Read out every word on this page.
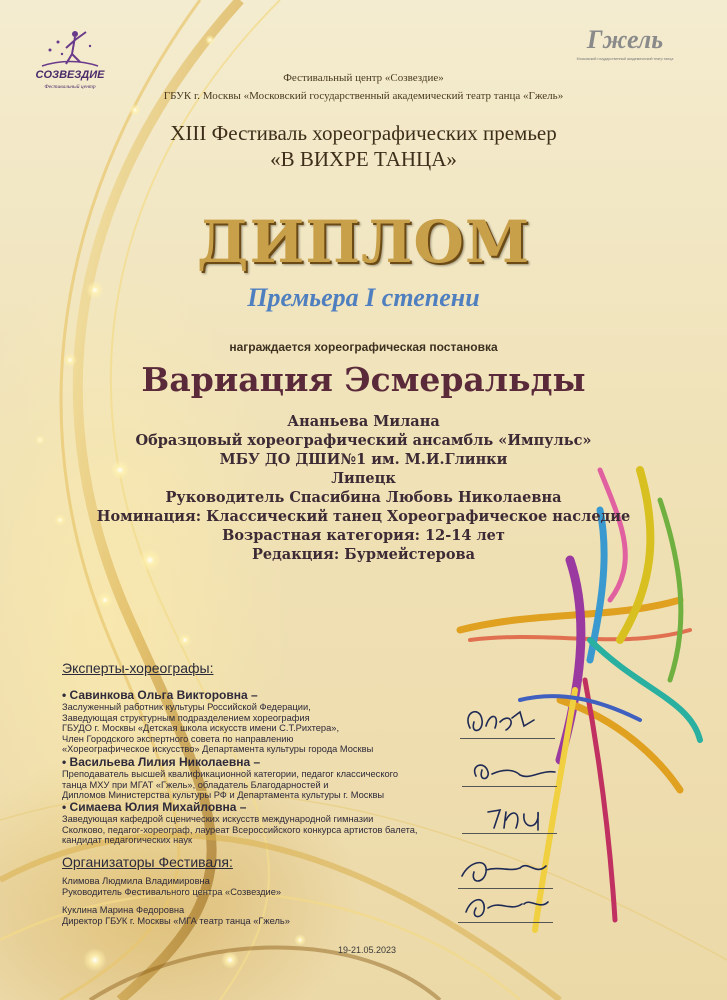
СОЗВЕЗДИЕ
Фестивальный центр
Гжель
Московский государственный академический театр танца
Фестивальный центр «Созвездие»
ГБУК г. Москвы «Московский государственный академический театр танца «Гжель»
XIII Фестиваль хореографических премьер
«В ВИХРЕ ТАНЦА»
ДИПЛОМ
Премьера I степени
награждается хореографическая постановка
Вариация Эсмеральды
Ананьева Милана
Образцовый хореографический ансамбль «Импульс»
МБУ ДО ДШИ№1 им. М.И.Глинки
Липецк
Руководитель Спасибина Любовь Николаевна
Номинация: Классический танец Хореографическое наследие
Возрастная категория: 12-14 лет
Редакция: Бурмейстерова
Эксперты-хореографы:
• Савинкова Ольга Викторовна –
Заслуженный работник культуры Российской Федерации,
Заведующая структурным подразделением хореография
ГБУДО г. Москвы «Детская школа искусств имени С.Т.Рихтера»,
Член Городского экспертного совета по направлению
«Хореографическое искусство» Департамента культуры города Москвы
• Васильева Лилия Николаевна –
Преподаватель высшей квалификационной категории, педагог классического
танца МХУ при МГАТ «Гжель», обладатель Благодарностей и
Дипломов Министерства культуры РФ и Департамента культуры г. Москвы
• Симаева Юлия Михайловна –
Заведующая кафедрой сценических искусств международной гимназии
Сколково, педагог-хореограф, лауреат Всероссийского конкурса артистов балета,
кандидат педагогических наук
Организаторы Фестиваля:
Климова Людмила Владимировна
Руководитель Фестивального центра «Созвездие»
Куклина Марина Федоровна
Директор ГБУК г. Москвы «МГА театр танца «Гжель»
19-21.05.2023
